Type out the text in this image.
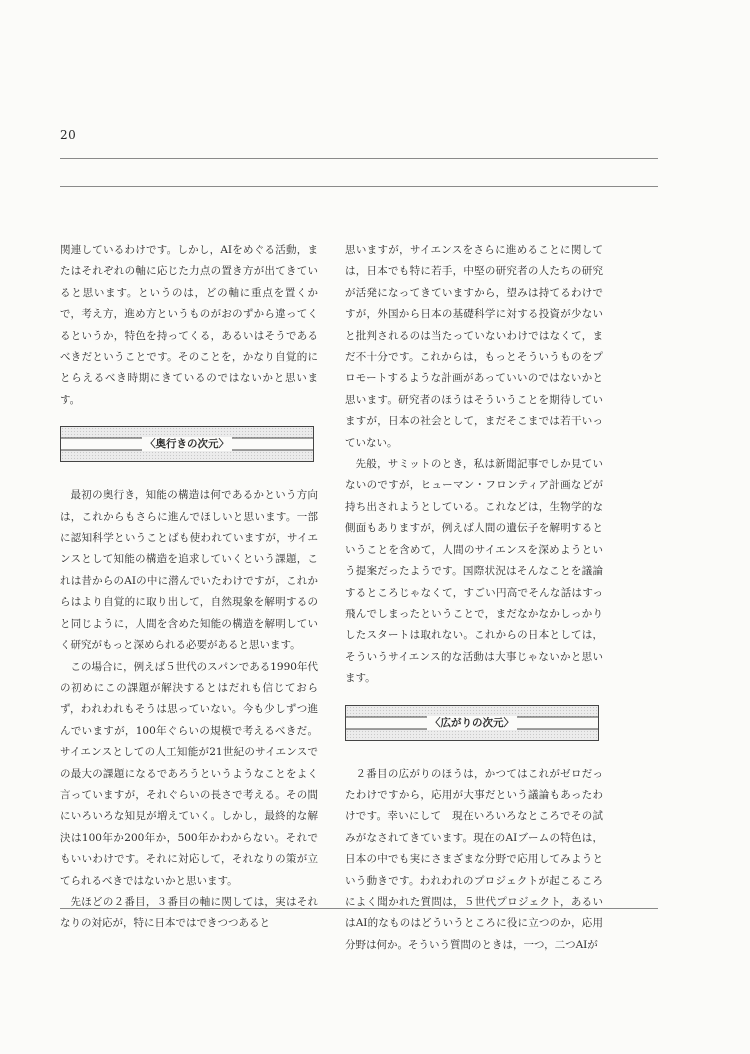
20

関連しているわけです。しかし，AIをめぐる活動，またはそれぞれの軸に応じた力点の置き方が出てきていると思います。というのは，どの軸に重点を置くかで，考え方，進め方というものがおのずから違ってくるというか，特色を持ってくる，あるいはそうであるべきだということです。そのことを，かなり自覚的にとらえるべき時期にきているのではないかと思います。

〈奥行きの次元〉

最初の奥行き，知能の構造は何であるかという方向は，これからもさらに進んでほしいと思います。一部に認知科学ということばも使われていますが，サイエンスとして知能の構造を追求していくという課題，これは昔からのAIの中に潜んでいたわけですが，これからはより自覚的に取り出して，自然現象を解明するのと同じように，人間を含めた知能の構造を解明していく研究がもっと深められる必要があると思います。

この場合に，例えば５世代のスパンである1990年代の初めにこの課題が解決するとはだれも信じておらず，われわれもそうは思っていない。今も少しずつ進んでいますが，100年ぐらいの規模で考えるべきだ。サイエンスとしての人工知能が21世紀のサイエンスでの最大の課題になるであろうというようなことをよく言っていますが，それぐらいの長さで考える。その間にいろいろな知見が増えていく。しかし，最終的な解決は100年か200年か，500年かわからない。それでもいいわけです。それに対応して，それなりの策が立てられるべきではないかと思います。

先ほどの２番目，３番目の軸に関しては，実はそれなりの対応が，特に日本ではできつつあると

思いますが，サイエンスをさらに進めることに関しては，日本でも特に若手，中堅の研究者の人たちの研究が活発になってきていますから，望みは持てるわけですが，外国から日本の基礎科学に対する投資が少ないと批判されるのは当たっていないわけではなくて，まだ不十分です。これからは，もっとそういうものをプロモートするような計画があっていいのではないかと思います。研究者のほうはそういうことを期待していますが，日本の社会として，まだそこまでは若干いっていない。

先般，サミットのとき，私は新聞記事でしか見ていないのですが，ヒューマン・フロンティア計画などが持ち出されようとしている。これなどは，生物学的な側面もありますが，例えば人間の遺伝子を解明するということを含めて，人間のサイエンスを深めようという提案だったようです。国際状況はそんなことを議論するところじゃなくて，すごい円高でそんな話はすっ飛んでしまったということで，まだなかなかしっかりしたスタートは取れない。これからの日本としては，そういうサイエンス的な活動は大事じゃないかと思います。

〈広がりの次元〉

２番目の広がりのほうは，かつてはこれがゼロだったわけですから，応用が大事だという議論もあったわけです。幸いにして　現在いろいろなところでその試みがなされてきています。現在のAIブームの特色は，日本の中でも実にさまざまな分野で応用してみようという動きです。われわれのプロジェクトが起こるころによく聞かれた質問は，５世代プロジェクト，あるいはAI的なものはどういうところに役に立つのか，応用分野は何か。そういう質問のときは，一つ，二つAIが
